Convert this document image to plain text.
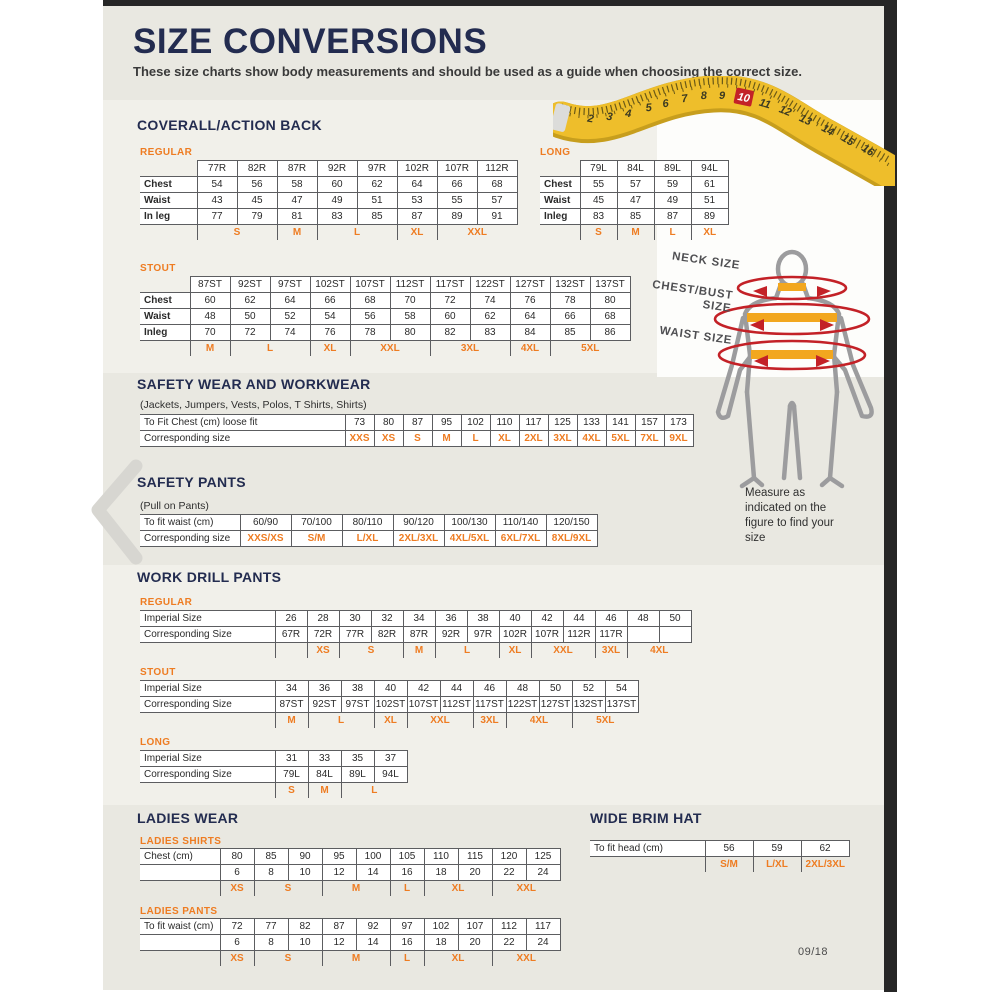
SIZE CONVERSIONS
These size charts show body measurements and should be used as a guide when choosing the correct size.
2 3 4 5 6 7 8 9 10 11 12
13
14
15
16
COVERALL/ACTION BACK
REGULAR
	77R	82R	87R	92R	97R	102R	107R	112R
Chest	54	56	58	60	62	64	66	68
Waist	43	45	47	49	51	53	55	57
In leg	77	79	81	83	85	87	89	91
	S		M	L		XL	XXL	
LONG
	79L	84L	89L	94L
Chest	55	57	59	61
Waist	45	47	49	51
Inleg	83	85	87	89
	S	M	L	XL
STOUT
	87ST	92ST	97ST	102ST	107ST	112ST	117ST	122ST	127ST	132ST	137ST
Chest	60	62	64	66	68	70	72	74	76	78	80
Waist	48	50	52	54	56	58	60	62	64	66	68
Inleg	70	72	74	76	78	80	82	83	84	85	86
	M	L		XL	XXL		3XL		4XL	5XL	
SAFETY WEAR AND WORKWEAR
(Jackets, Jumpers, Vests, Polos, T Shirts, Shirts)
To Fit Chest (cm) loose fit	73	80	87	95	102	110	117	125	133	141	157	173
Corresponding size	XXS	XS	S	M	L	XL	2XL	3XL	4XL	5XL	7XL	9XL
SAFETY PANTS
(Pull on Pants)
To fit waist (cm)	60/90	70/100	80/110	90/120	100/130	110/140	120/150
Corresponding size	XXS/XS	S/M	L/XL	2XL/3XL	4XL/5XL	6XL/7XL	8XL/9XL
WORK DRILL PANTS
REGULAR
Imperial Size	26	28	30	32	34	36	38	40	42	44	46	48	50
Corresponding Size	67R	72R	77R	82R	87R	92R	97R	102R	107R	112R	117R		
		XS	S		M	L		XL	XXL		3XL	4XL	
STOUT
Imperial Size	34	36	38	40	42	44	46	48	50	52	54
Corresponding Size	87ST	92ST	97ST	102ST	107ST	112ST	117ST	122ST	127ST	132ST	137ST
	M	L		XL	XXL		3XL	4XL		5XL	
LONG
Imperial Size	31	33	35	37
Corresponding Size	79L	84L	89L	94L
	S	M	L	
LADIES WEAR
LADIES SHIRTS
Chest (cm)	80	85	90	95	100	105	110	115	120	125
	6	8	10	12	14	16	18	20	22	24
	XS	S		M		L	XL		XXL	
LADIES PANTS
To fit waist (cm)	72	77	82	87	92	97	102	107	112	117
	6	8	10	12	14	16	18	20	22	24
	XS	S		M		L	XL		XXL	
WIDE BRIM HAT
To fit head (cm)	56	59	62
	S/M	L/XL	2XL/3XL
NECK SIZE
CHEST/BUST SIZE
WAIST SIZE
Measure as indicated on the figure to find your size
09/18
